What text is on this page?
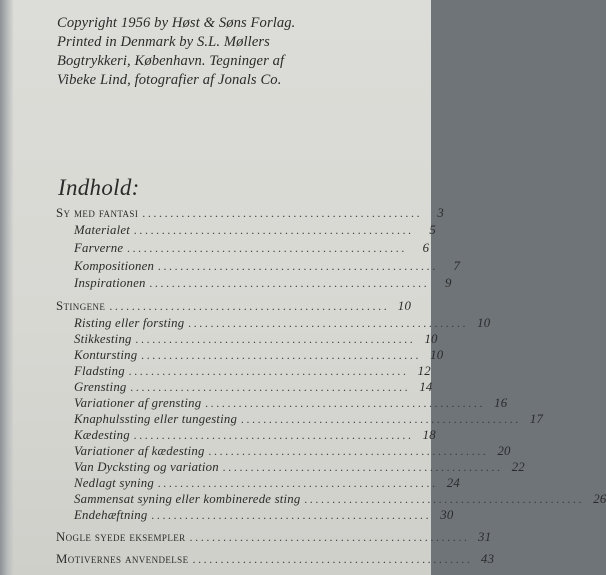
Copyright 1956 by Høst & Søns Forlag.
Printed in Denmark by S.L. Møllers
Bogtrykkeri, København. Tegninger af
Vibeke Lind, fotografier af Jonals Co.
Indhold:
Sy med fantasi ..................................................	3
Materialet ..................................................	5
Farverne ..................................................	6
Kompositionen ..................................................	7
Inspirationen ..................................................	9
Stingene .................................................. 10
Risting eller forsting .................................................. 10
Stikkesting .................................................. 10
Kontursting .................................................. 10
Fladsting .................................................. 12
Grensting .................................................. 14
Variationer af grensting .................................................. 16
Knaphulssting eller tungesting .................................................. 17
Kædesting .................................................. 18
Variationer af kædesting .................................................. 20
Van Dycksting og variation .................................................. 22
Nedlagt syning .................................................. 24
Sammensat syning eller kombinerede sting .................................................. 26
Endehæftning .................................................. 30
Nogle syede eksempler .................................................. 31
Motivernes anvendelse .................................................. 43
